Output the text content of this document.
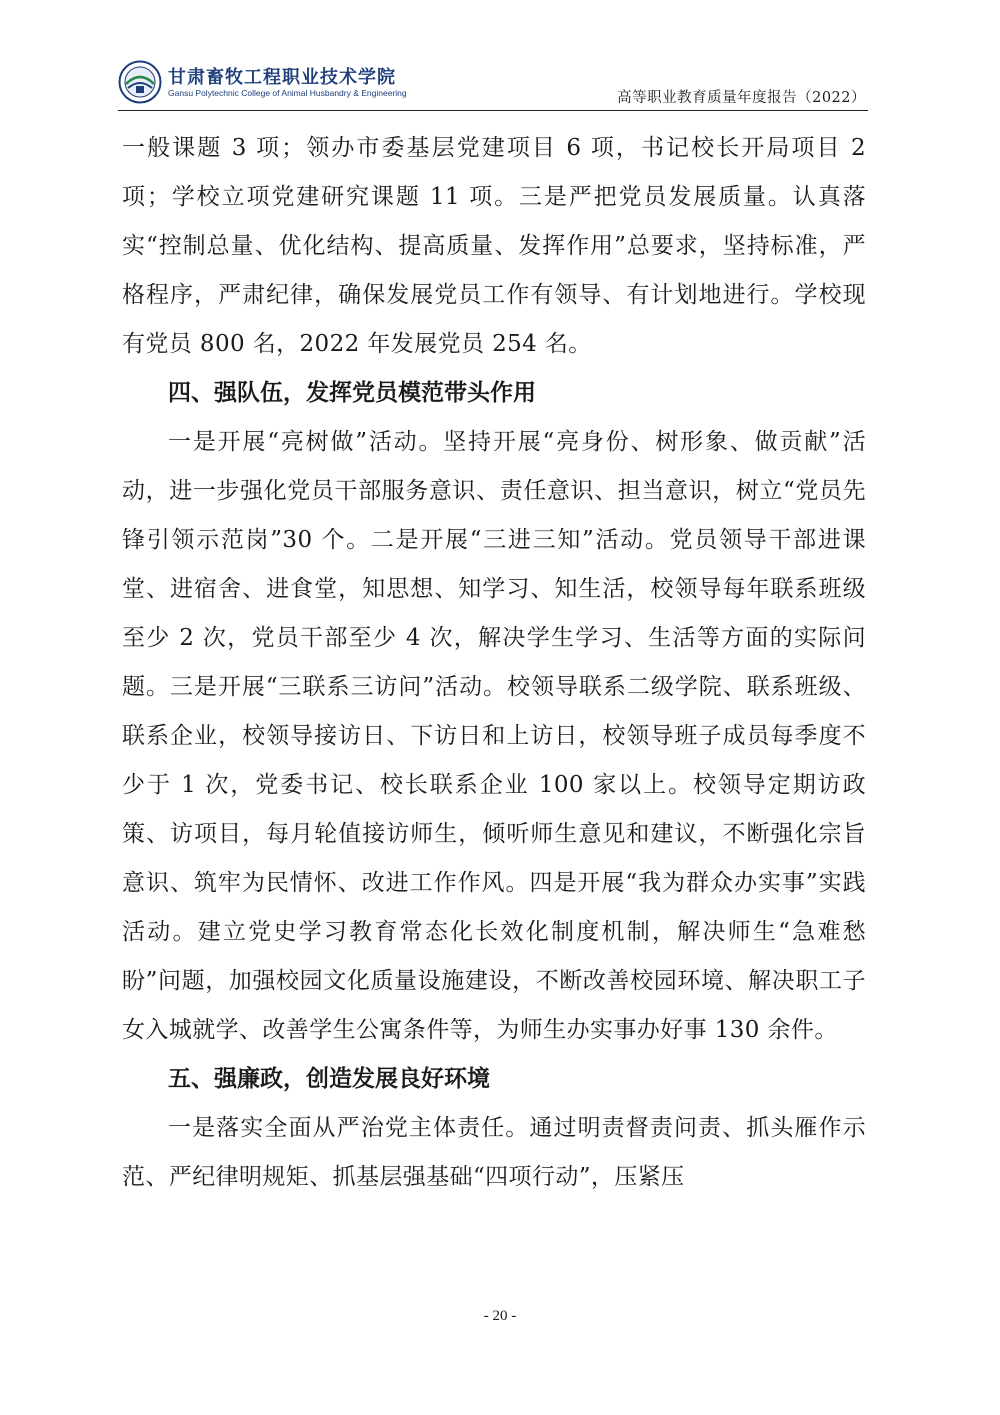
甘肃畜牧工程职业技术学院
Gansu Polytechnic College of Animal Husbandry & Engineering	高等职业教育质量年度报告（2022）

一般课题 3 项；领办市委基层党建项目 6 项，书记校长开局项目 2 项；学校立项党建研究课题 11 项。三是严把党员发展质量。认真落实“控制总量、优化结构、提高质量、发挥作用”总要求，坚持标准，严格程序，严肃纪律，确保发展党员工作有领导、有计划地进行。学校现有党员 800 名，2022 年发展党员 254 名。

四、强队伍，发挥党员模范带头作用

一是开展“亮树做”活动。坚持开展“亮身份、树形象、做贡献”活动，进一步强化党员干部服务意识、责任意识、担当意识，树立“党员先锋引领示范岗”30 个。二是开展“三进三知”活动。党员领导干部进课堂、进宿舍、进食堂，知思想、知学习、知生活，校领导每年联系班级至少 2 次，党员干部至少 4 次，解决学生学习、生活等方面的实际问题。三是开展“三联系三访问”活动。校领导联系二级学院、联系班级、联系企业，校领导接访日、下访日和上访日，校领导班子成员每季度不少于 1 次，党委书记、校长联系企业 100 家以上。校领导定期访政策、访项目，每月轮值接访师生，倾听师生意见和建议，不断强化宗旨意识、筑牢为民情怀、改进工作作风。四是开展“我为群众办实事”实践活动。建立党史学习教育常态化长效化制度机制，解决师生“急难愁盼”问题，加强校园文化质量设施建设，不断改善校园环境、解决职工子女入城就学、改善学生公寓条件等，为师生办实事办好事 130 余件。

五、强廉政，创造发展良好环境

一是落实全面从严治党主体责任。通过明责督责问责、抓头雁作示范、严纪律明规矩、抓基层强基础“四项行动”，压紧压

- 20 -
